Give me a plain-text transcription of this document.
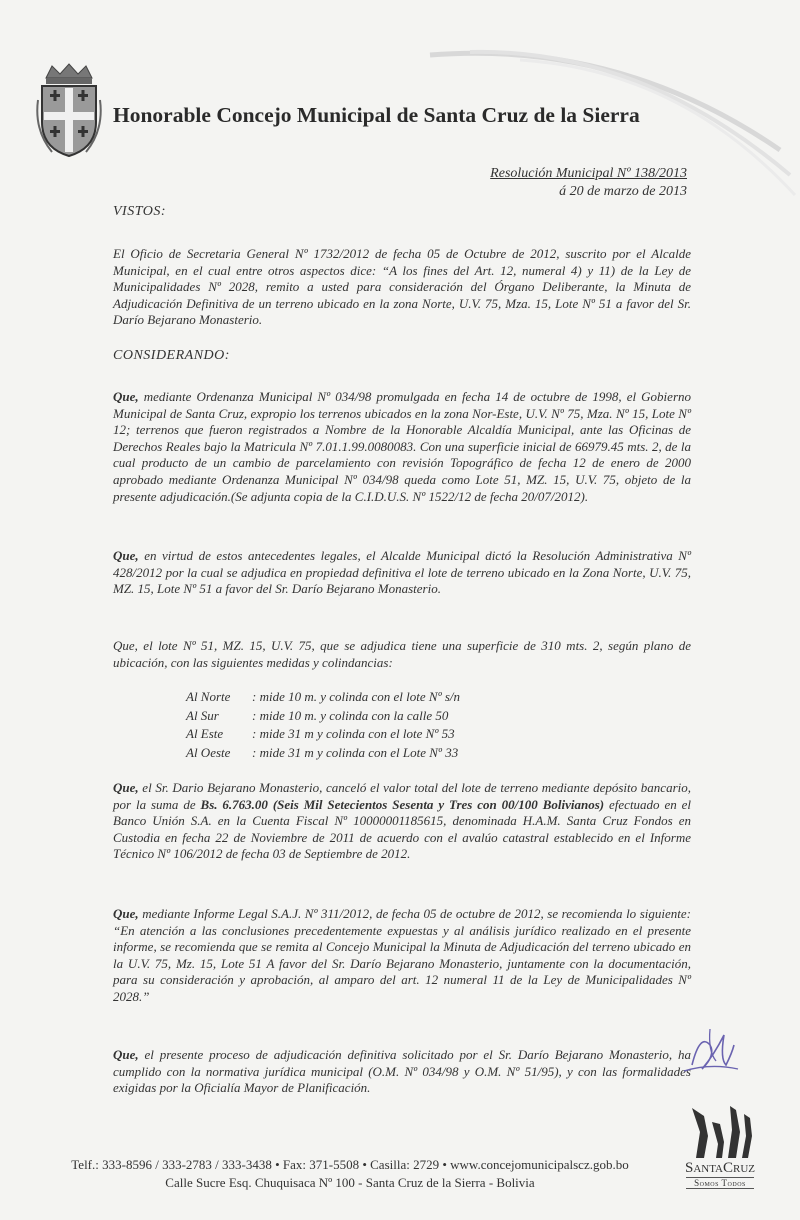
Honorable Concejo Municipal de Santa Cruz de la Sierra
Resolución Municipal Nº 138/2013
á 20 de marzo de 2013
VISTOS:
El Oficio de Secretaria General Nº 1732/2012 de fecha 05 de Octubre de 2012, suscrito por el Alcalde Municipal, en el cual entre otros aspectos dice: “A los fines del Art. 12, numeral 4) y 11) de la Ley de Municipalidades Nº 2028, remito a usted para consideración del Órgano Deliberante, la Minuta de Adjudicación Definitiva de un terreno ubicado en la zona Norte, U.V. 75, Mza. 15, Lote Nº 51 a favor del Sr. Darío Bejarano Monasterio.
CONSIDERANDO:
Que, mediante Ordenanza Municipal Nº 034/98 promulgada en fecha 14 de octubre de 1998, el Gobierno Municipal de Santa Cruz, expropio los terrenos ubicados en la zona Nor-Este, U.V. Nº 75, Mza. Nº 15, Lote Nº 12; terrenos que fueron registrados a Nombre de la Honorable Alcaldía Municipal, ante las Oficinas de Derechos Reales bajo la Matricula Nº 7.01.1.99.0080083. Con una superficie inicial de 66979.45 mts. 2, de la cual producto de un cambio de parcelamiento con revisión Topográfico de fecha 12 de enero de 2000 aprobado mediante Ordenanza Municipal Nº 034/98 queda como Lote 51, MZ. 15, U.V. 75, objeto de la presente adjudicación.(Se adjunta copia de la C.I.D.U.S. Nº 1522/12 de fecha 20/07/2012).
Que, en virtud de estos antecedentes legales, el Alcalde Municipal dictó la Resolución Administrativa Nº 428/2012 por la cual se adjudica en propiedad definitiva el lote de terreno ubicado en la Zona Norte, U.V. 75, MZ. 15, Lote Nº 51 a favor del Sr. Darío Bejarano Monasterio.
Que, el lote Nº 51, MZ. 15, U.V. 75, que se adjudica tiene una superficie de 310 mts. 2, según plano de ubicación, con las siguientes medidas y colindancias:
Al Norte	: mide 10 m. y colinda con el lote Nº s/n
Al Sur	: mide 10 m. y colinda con la calle 50
Al Este	: mide 31 m y colinda con el lote Nº 53
Al Oeste	: mide 31 m y colinda con el Lote Nº 33
Que, el Sr. Dario Bejarano Monasterio, canceló el valor total del lote de terreno mediante depósito bancario, por la suma de Bs. 6.763.00 (Seis Mil Setecientos Sesenta y Tres con 00/100 Bolivianos) efectuado en el Banco Unión S.A. en la Cuenta Fiscal Nº 10000001185615, denominada H.A.M. Santa Cruz Fondos en Custodia en fecha 22 de Noviembre de 2011 de acuerdo con el avalúo catastral establecido en el Informe Técnico Nº 106/2012 de fecha 03 de Septiembre de 2012.
Que, mediante Informe Legal S.A.J. Nº 311/2012, de fecha 05 de octubre de 2012, se recomienda lo siguiente: “En atención a las conclusiones precedentemente expuestas y al análisis jurídico realizado en el presente informe, se recomienda que se remita al Concejo Municipal la Minuta de Adjudicación del terreno ubicado en la U.V. 75, Mz. 15, Lote 51 A favor del Sr. Darío Bejarano Monasterio, juntamente con la documentación, para su consideración y aprobación, al amparo del art. 12 numeral 11 de la Ley de Municipalidades Nº 2028.”
Que, el presente proceso de adjudicación definitiva solicitado por el Sr. Darío Bejarano Monasterio, ha cumplido con la normativa jurídica municipal (O.M. Nº 034/98 y O.M. Nº 51/95), y con las formalidades exigidas por la Oficialía Mayor de Planificación.
Telf.: 333-8596 / 333-2783 / 333-3438 • Fax: 371-5508 • Casilla: 2729 • www.concejomunicipalscz.gob.bo
Calle Sucre Esq. Chuquisaca Nº 100 - Santa Cruz de la Sierra - Bolivia
SantaCruz
Somos Todos
